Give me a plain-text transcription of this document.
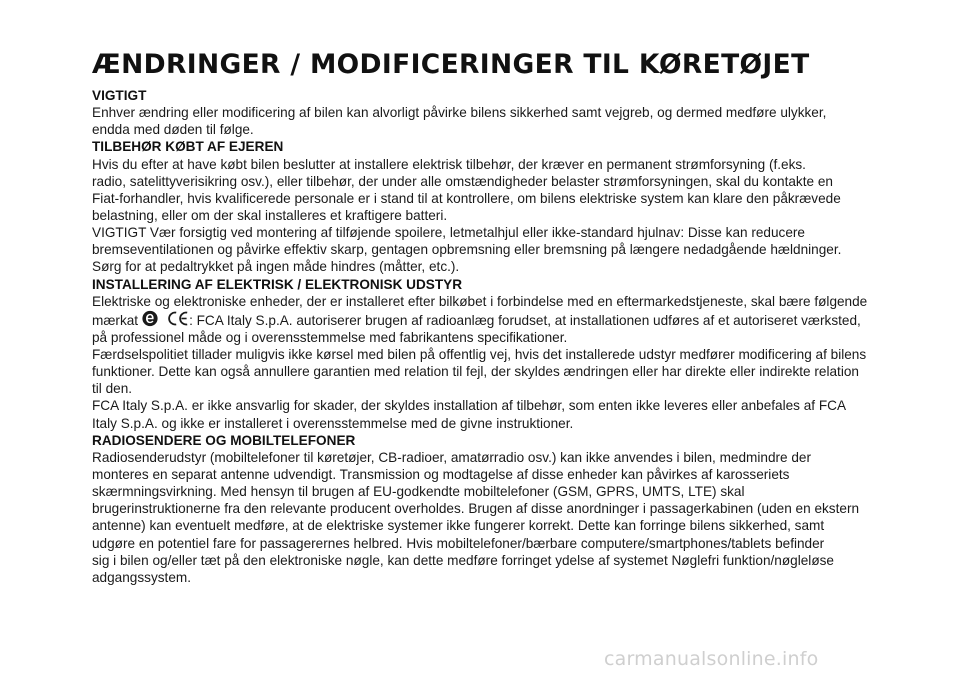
ÆNDRINGER / MODIFICERINGER TIL KØRETØJET
VIGTIGT
Enhver ændring eller modificering af bilen kan alvorligt påvirke bilens sikkerhed samt vejgreb, og dermed medføre ulykker,
endda med døden til følge.
TILBEHØR KØBT AF EJEREN
Hvis du efter at have købt bilen beslutter at installere elektrisk tilbehør, der kræver en permanent strømforsyning (f.eks.
radio, satelittyverisikring osv.), eller tilbehør, der under alle omstændigheder belaster strømforsyningen, skal du kontakte en
Fiat-forhandler, hvis kvalificerede personale er i stand til at kontrollere, om bilens elektriske system kan klare den påkrævede
belastning, eller om der skal installeres et kraftigere batteri.
VIGTIGT Vær forsigtig ved montering af tilføjende spoilere, letmetalhjul eller ikke-standard hjulnav: Disse kan reducere
bremseventilationen og påvirke effektiv skarp, gentagen opbremsning eller bremsning på længere nedadgående hældninger.
Sørg for at pedaltrykket på ingen måde hindres (måtter, etc.).
INSTALLERING AF ELEKTRISK / ELEKTRONISK UDSTYR
Elektriske og elektroniske enheder, der er installeret efter bilkøbet i forbindelse med en eftermarkedstjeneste, skal bære følgende
mærkat	: FCA Italy S.p.A. autoriserer brugen af radioanlæg forudset, at installationen udføres af et autoriseret værksted,
på professionel måde og i overensstemmelse med fabrikantens specifikationer.
Færdselspolitiet tillader muligvis ikke kørsel med bilen på offentlig vej, hvis det installerede udstyr medfører modificering af bilens
funktioner. Dette kan også annullere garantien med relation til fejl, der skyldes ændringen eller har direkte eller indirekte relation
til den.
FCA Italy S.p.A. er ikke ansvarlig for skader, der skyldes installation af tilbehør, som enten ikke leveres eller anbefales af FCA
Italy S.p.A. og ikke er installeret i overensstemmelse med de givne instruktioner.
RADIOSENDERE OG MOBILTELEFONER
Radiosenderudstyr (mobiltelefoner til køretøjer, CB-radioer, amatørradio osv.) kan ikke anvendes i bilen, medmindre der
monteres en separat antenne udvendigt. Transmission og modtagelse af disse enheder kan påvirkes af karosseriets
skærmningsvirkning. Med hensyn til brugen af EU-godkendte mobiltelefoner (GSM, GPRS, UMTS, LTE) skal
brugerinstruktionerne fra den relevante producent overholdes. Brugen af disse anordninger i passagerkabinen (uden en ekstern
antenne) kan eventuelt medføre, at de elektriske systemer ikke fungerer korrekt. Dette kan forringe bilens sikkerhed, samt
udgøre en potentiel fare for passagerernes helbred. Hvis mobiltelefoner/bærbare computere/smartphones/tablets befinder
sig i bilen og/eller tæt på den elektroniske nøgle, kan dette medføre forringet ydelse af systemet Nøglefri funktion/nøgleløse
adgangssystem.
carmanualsonline.info
